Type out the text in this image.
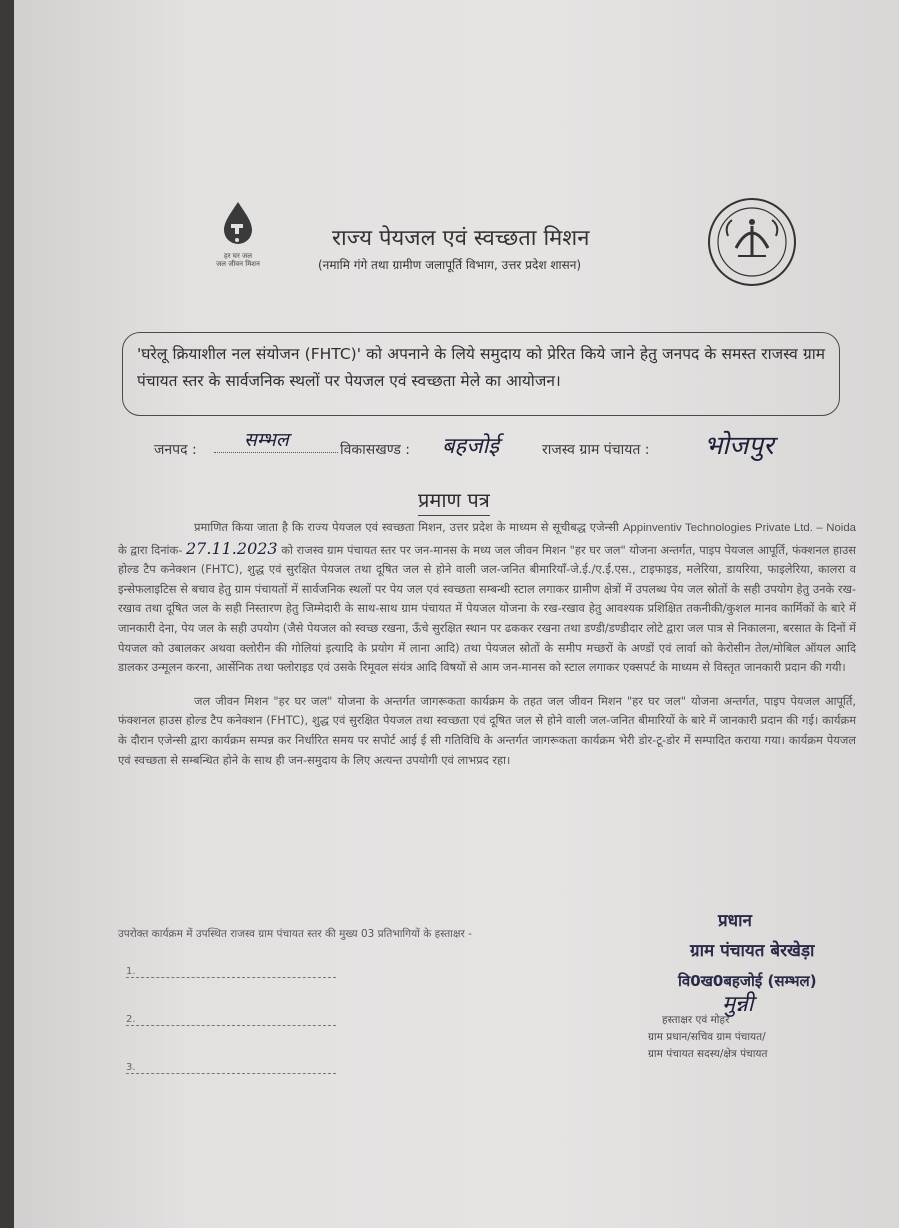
हर घर जल
जल जीवन मिशन
राज्य पेयजल एवं स्वच्छता मिशन
(नमामि गंगे तथा ग्रामीण जलापूर्ति विभाग, उत्तर प्रदेश शासन)

'घरेलू क्रियाशील नल संयोजन (FHTC)' को अपनाने के लिये समुदाय को प्रेरित किये जाने हेतु जनपद के समस्त राजस्व ग्राम पंचायत स्तर के सार्वजनिक स्थलों पर पेयजल एवं स्वच्छता मेले का आयोजन।

जनपद :	सम्भल	विकासखण्ड : बहजोई	राजस्व ग्राम पंचायत : भोजपुर
प्रमाण पत्र

प्रमाणित किया जाता है कि राज्य पेयजल एवं स्वच्छता मिशन, उत्तर प्रदेश के माध्यम से सूचीबद्ध एजेन्सी Appinventiv Technologies Private Ltd. – Noida के द्वारा दिनांक- 27.11.2023 को राजस्व ग्राम पंचायत स्तर पर जन-मानस के मध्य जल जीवन मिशन "हर घर जल" योजना अन्तर्गत, पाइप पेयजल आपूर्ति, फंक्शनल हाउस होल्ड टैप कनेक्शन (FHTC), शुद्ध एवं सुरक्षित पेयजल तथा दूषित जल से होने वाली जल-जनित बीमारियाँ-जे.ई./ए.ई.एस., टाइफाइड, मलेरिया, डायरिया, फाइलेरिया, कालरा व इन्सेफलाइटिस से बचाव हेतु ग्राम पंचायतों में सार्वजनिक स्थलों पर पेय जल एवं स्वच्छता सम्बन्धी स्टाल लगाकर ग्रामीण क्षेत्रों में उपलब्ध पेय जल स्रोतों के सही उपयोग हेतु उनके रख-रखाव तथा दूषित जल के सही निस्तारण हेतु जिम्मेदारी के साथ-साथ ग्राम पंचायत में पेयजल योजना के रख-रखाव हेतु आवश्यक प्रशिक्षित तकनीकी/कुशल मानव कार्मिकों के बारे में जानकारी देना, पेय जल के सही उपयोग (जैसे पेयजल को स्वच्छ रखना, ऊँचे सुरक्षित स्थान पर ढककर रखना तथा डण्डी/डण्डीदार लोटे द्वारा जल पात्र से निकालना, बरसात के दिनों में पेयजल को उबालकर अथवा क्लोरीन की गोलियां इत्यादि के प्रयोग में लाना आदि) तथा पेयजल स्रोतों के समीप मच्छरों के अण्डों एवं लार्वा को केरोसीन तेल/मोबिल ऑयल आदि डालकर उन्मूलन करना, आर्सेनिक तथा फ्लोराइड एवं उसके रिमूवल संयंत्र आदि विषयों से आम जन-मानस को स्टाल लगाकर एक्सपर्ट के माध्यम से विस्तृत जानकारी प्रदान की गयी।

जल जीवन मिशन "हर घर जल" योजना के अन्तर्गत जागरूकता कार्यक्रम के तहत जल जीवन मिशन "हर घर जल" योजना अन्तर्गत, पाइप पेयजल आपूर्ति, फंक्शनल हाउस होल्ड टैप कनेक्शन (FHTC), शुद्ध एवं सुरक्षित पेयजल तथा स्वच्छता एवं दूषित जल से होने वाली जल-जनित बीमारियों के बारे में जानकारी प्रदान की गई। कार्यक्रम के दौरान एजेन्सी द्वारा कार्यक्रम सम्पन्न कर निर्धारित समय पर सपोर्ट आई ई सी गतिविधि के अन्तर्गत जागरूकता कार्यक्रम भेरी डोर-टू-डोर में सम्पादित कराया गया। कार्यक्रम पेयजल एवं स्वच्छता से सम्बन्धित होने के साथ ही जन-समुदाय के लिए अत्यन्त उपयोगी एवं लाभप्रद रहा।

उपरोक्त कार्यक्रम में उपस्थित राजस्व ग्राम पंचायत स्तर की मुख्य 03 प्रतिभागियों के हस्ताक्षर -
1.
2.
3.
प्रधान
ग्राम पंचायत बेरखेड़ा
वि0ख0बहजोई (सम्भल)
मुन्नी
हस्ताक्षर एवं मोहर
ग्राम प्रधान/सचिव ग्राम पंचायत/
ग्राम पंचायत सदस्य/क्षेत्र पंचायत
